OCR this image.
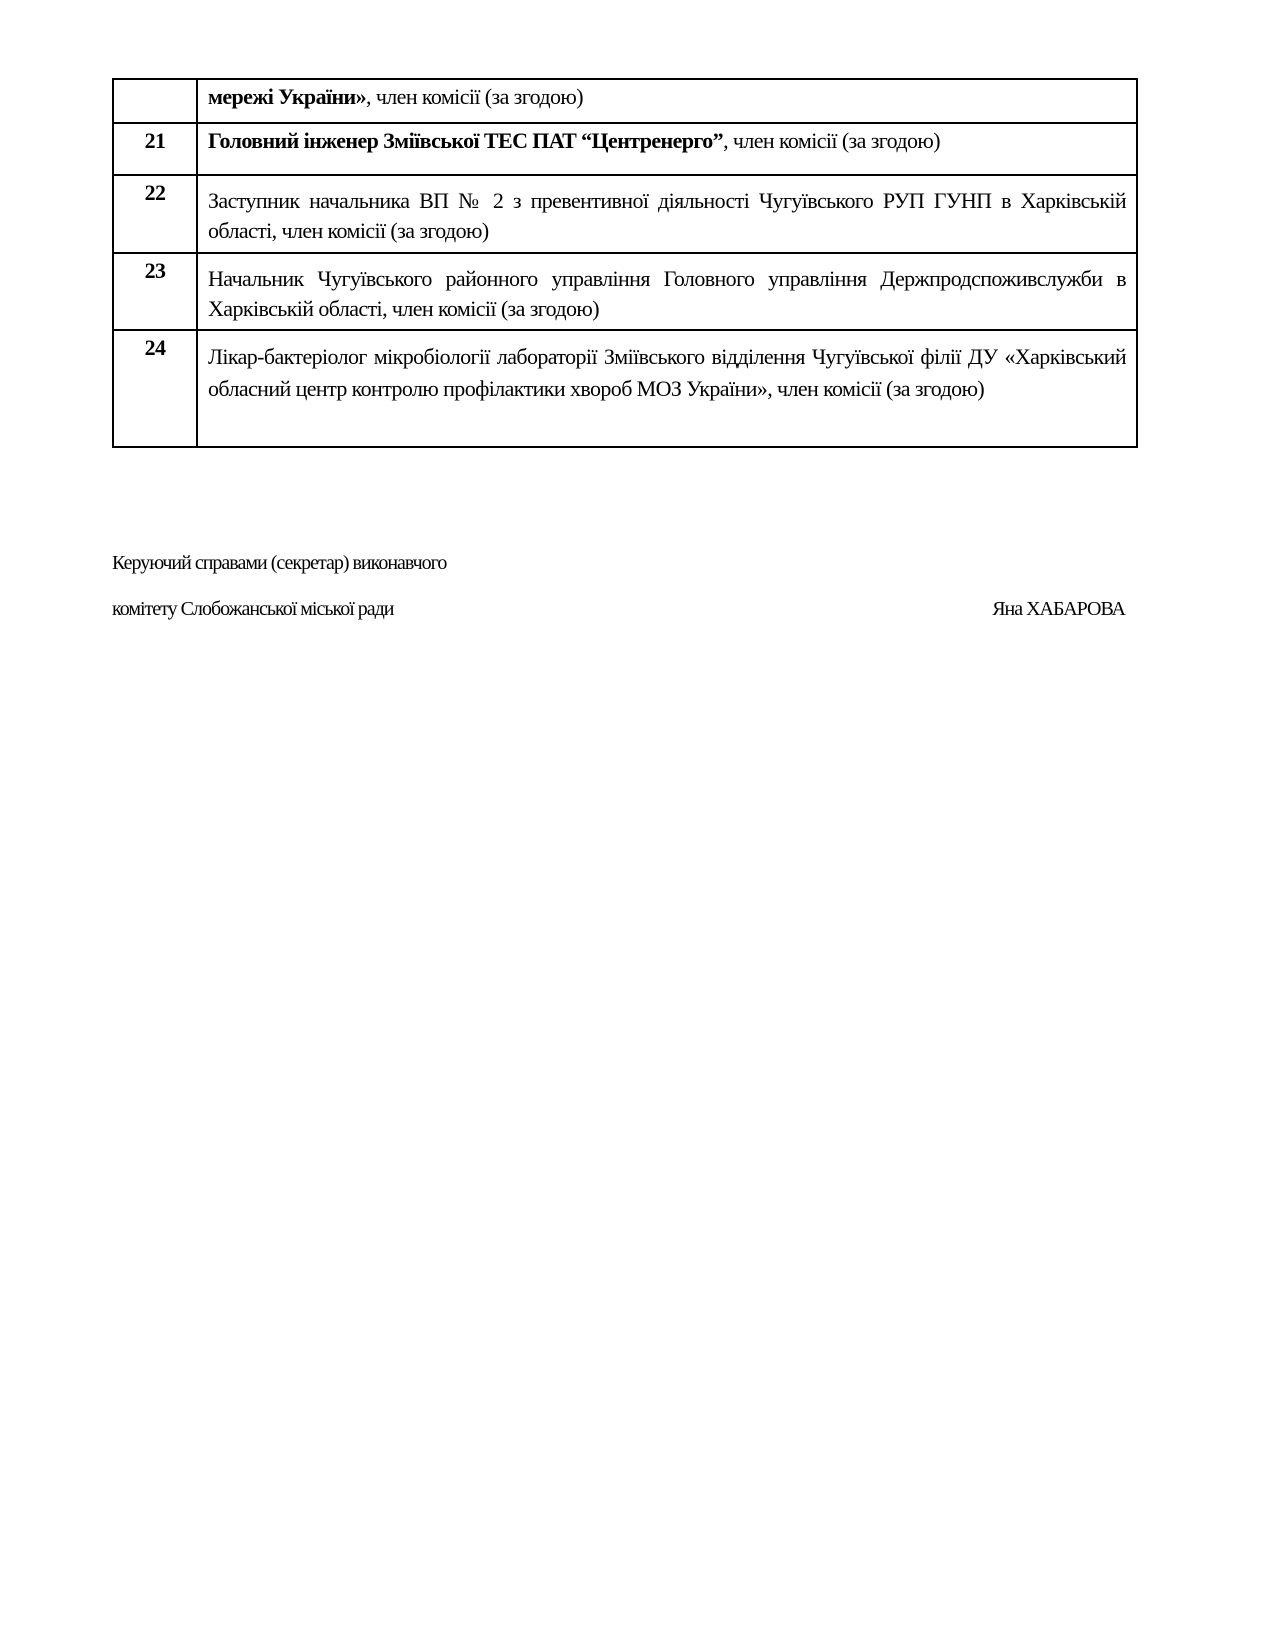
	мережі України», член комісії (за згодою)
21	Головний інженер Зміївської ТЕС ПАТ “Центренерго”, член комісії (за згодою)
22	Заступник начальника ВП № 2 з превентивної діяльності Чугуївського РУП ГУНП в Харківській області, член комісії (за згодою)
23	Начальник Чугуївського районного управління Головного управління Держпродспоживслужби в Харківській області, член комісії (за згодою)
24	Лікар-бактеріолог мікробіології лабораторії Зміївського відділення Чугуївської філії ДУ «Харківський обласний центр контролю профілактики хвороб МОЗ України», член комісії (за згодою)
Керуючий справами (секретар) виконавчого
комітету Слобожанської міської ради	Яна ХАБАРОВА
